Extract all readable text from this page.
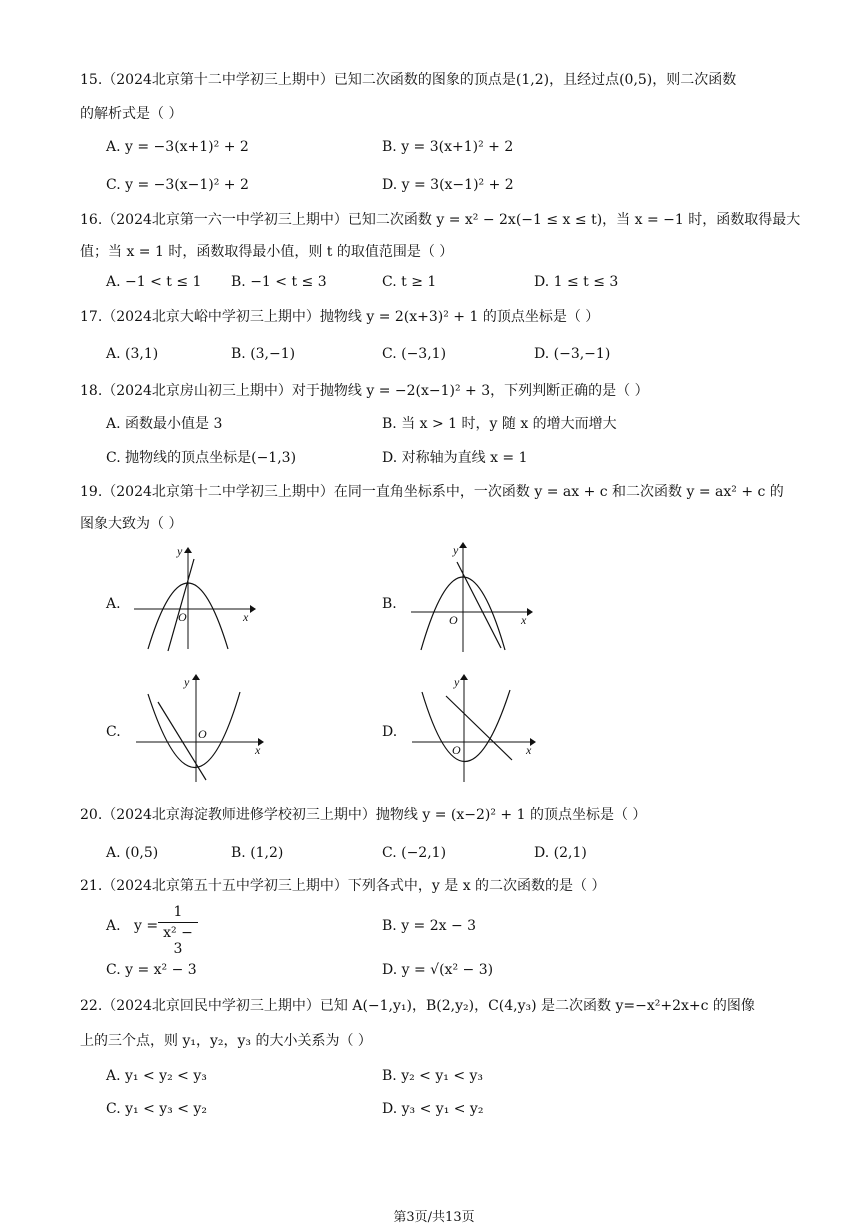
15.（2024北京第十二中学初三上期中）已知二次函数的图象的顶点是(1,2)，且经过点(0,5)，则二次函数
的解析式是（ ）
A. y = −3(x+1)² + 2	B. y = 3(x+1)² + 2
C. y = −3(x−1)² + 2	D. y = 3(x−1)² + 2
16.（2024北京第一六一中学初三上期中）已知二次函数 y = x² − 2x(−1 ≤ x ≤ t)，当 x = −1 时，函数取得最大
值；当 x = 1 时，函数取得最小值，则 t 的取值范围是（ ）
A. −1 < t ≤ 1 B. −1 < t ≤ 3	C. t ≥ 1	D. 1 ≤ t ≤ 3
17.（2024北京大峪中学初三上期中）抛物线 y = 2(x+3)² + 1 的顶点坐标是（ ）
A. (3,1)	B. (3,−1)	C. (−3,1)	D. (−3,−1)
18.（2024北京房山初三上期中）对于抛物线 y = −2(x−1)² + 3，下列判断正确的是（ ）
A. 函数最小值是 3	B. 当 x > 1 时，y 随 x 的增大而增大
C. 抛物线的顶点坐标是(−1,3)	D. 对称轴为直线 x = 1
19.（2024北京第十二中学初三上期中）在同一直角坐标系中，一次函数 y = ax + c 和二次函数 y = ax² + c 的
图象大致为（ ）
A.
O	x
y
B.
O	x
y
C.	O
x
y
D.
O	x
y
20.（2024北京海淀教师进修学校初三上期中）抛物线 y = (x−2)² + 1 的顶点坐标是（ ）
A. (0,5)	B. (1,2)	C. (−2,1)	D. (2,1)
21.（2024北京第五十五中学初三上期中）下列各式中，y 是 x 的二次函数的是（ ）
A. y =
1
x² − 3
B. y = 2x − 3
C. y = x² − 3	D. y = √(x² − 3)
22.（2024北京回民中学初三上期中）已知 A(−1,y₁)，B(2,y₂)，C(4,y₃) 是二次函数 y=−x²+2x+c 的图像
上的三个点，则 y₁，y₂，y₃ 的大小关系为（ ）
A. y₁ < y₂ < y₃	B. y₂ < y₁ < y₃
C. y₁ < y₃ < y₂	D. y₃ < y₁ < y₂
第3页/共13页
